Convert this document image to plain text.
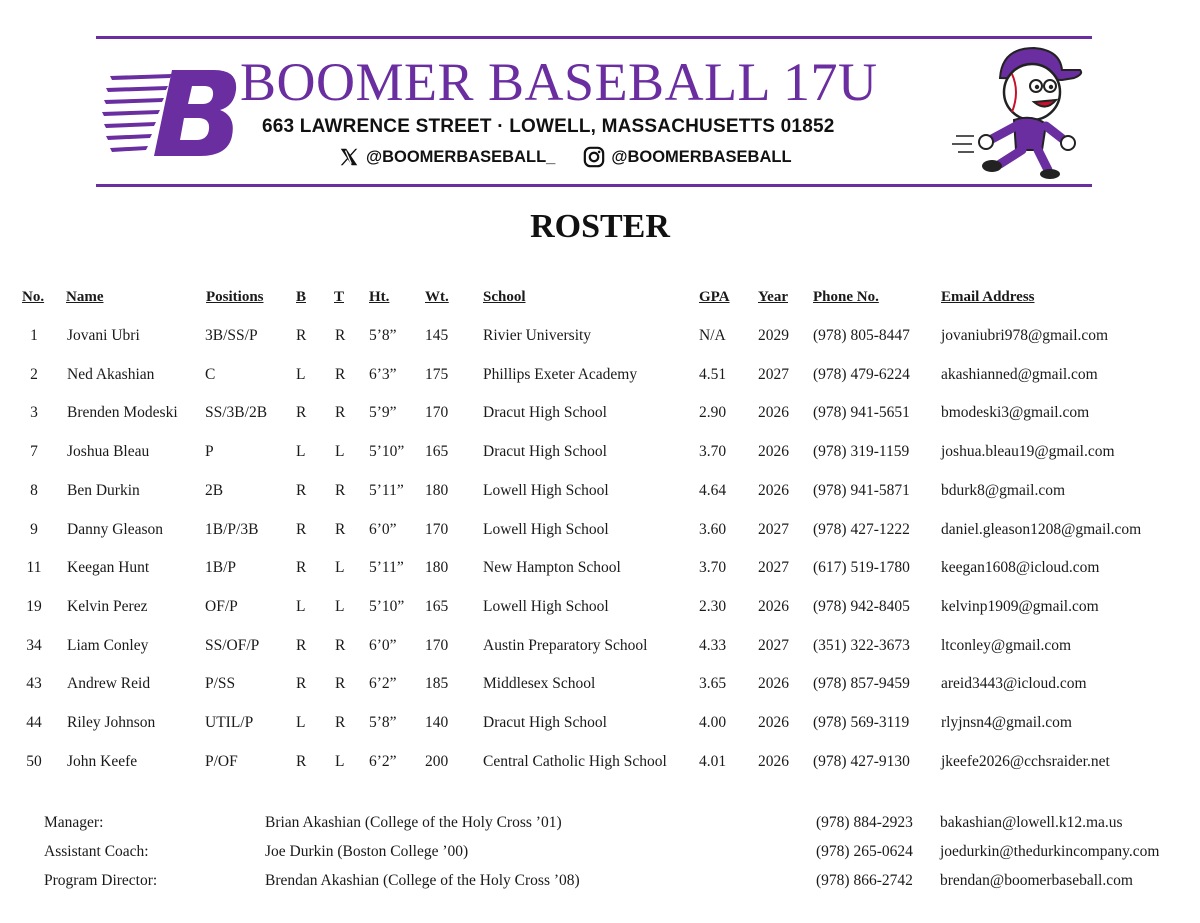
BOOMER BASEBALL 17U
663 LAWRENCE STREET · LOWELL, MASSACHUSETTS 01852
@BOOMERBASEBALL_	@BOOMERBASEBALL
ROSTER
No. Name	Positions B T Ht. Wt. School	GPA Year Phone No.	Email Address
1	Jovani Ubri	3B/SS/P R R 5’8” 145 Rivier University	N/A 2029 (978) 805-8447 jovaniubri978@gmail.com
2	Ned Akashian	C	L R 6’3” 175 Phillips Exeter Academy	4.51 2027 (978) 479-6224 akashianned@gmail.com
3	Brenden Modeski SS/3B/2B R R 5’9” 170 Dracut High School	2.90 2026 (978) 941-5651 bmodeski3@gmail.com
7	Joshua Bleau	P	L L 5’10” 165 Dracut High School	3.70 2026 (978) 319-1159 joshua.bleau19@gmail.com
8	Ben Durkin	2B	R R 5’11” 180 Lowell High School	4.64 2026 (978) 941-5871 bdurk8@gmail.com
9	Danny Gleason	1B/P/3B R R 6’0” 170 Lowell High School	3.60 2027 (978) 427-1222 daniel.gleason1208@gmail.com
11	Keegan Hunt	1B/P	R L 5’11” 180 New Hampton School	3.70 2027 (617) 519-1780 keegan1608@icloud.com
19	Kelvin Perez	OF/P	L L 5’10” 165 Lowell High School	2.30 2026 (978) 942-8405 kelvinp1909@gmail.com
34	Liam Conley	SS/OF/P R R 6’0” 170 Austin Preparatory School	4.33 2027 (351) 322-3673 ltconley@gmail.com
43	Andrew Reid	P/SS	R R 6’2” 185 Middlesex School	3.65 2026 (978) 857-9459 areid3443@icloud.com
44	Riley Johnson	UTIL/P	L R 5’8” 140 Dracut High School	4.00 2026 (978) 569-3119 rlyjnsn4@gmail.com
50	John Keefe	P/OF	R L 6’2” 200 Central Catholic High School 4.01 2026 (978) 427-9130 jkeefe2026@cchsraider.net
Manager:	Brian Akashian (College of the Holy Cross ’01)	(978) 884-2923 bakashian@lowell.k12.ma.us
Assistant Coach:	Joe Durkin (Boston College ’00)	(978) 265-0624 joedurkin@thedurkincompany.com
Program Director:	Brendan Akashian (College of the Holy Cross ’08)	(978) 866-2742 brendan@boomerbaseball.com
